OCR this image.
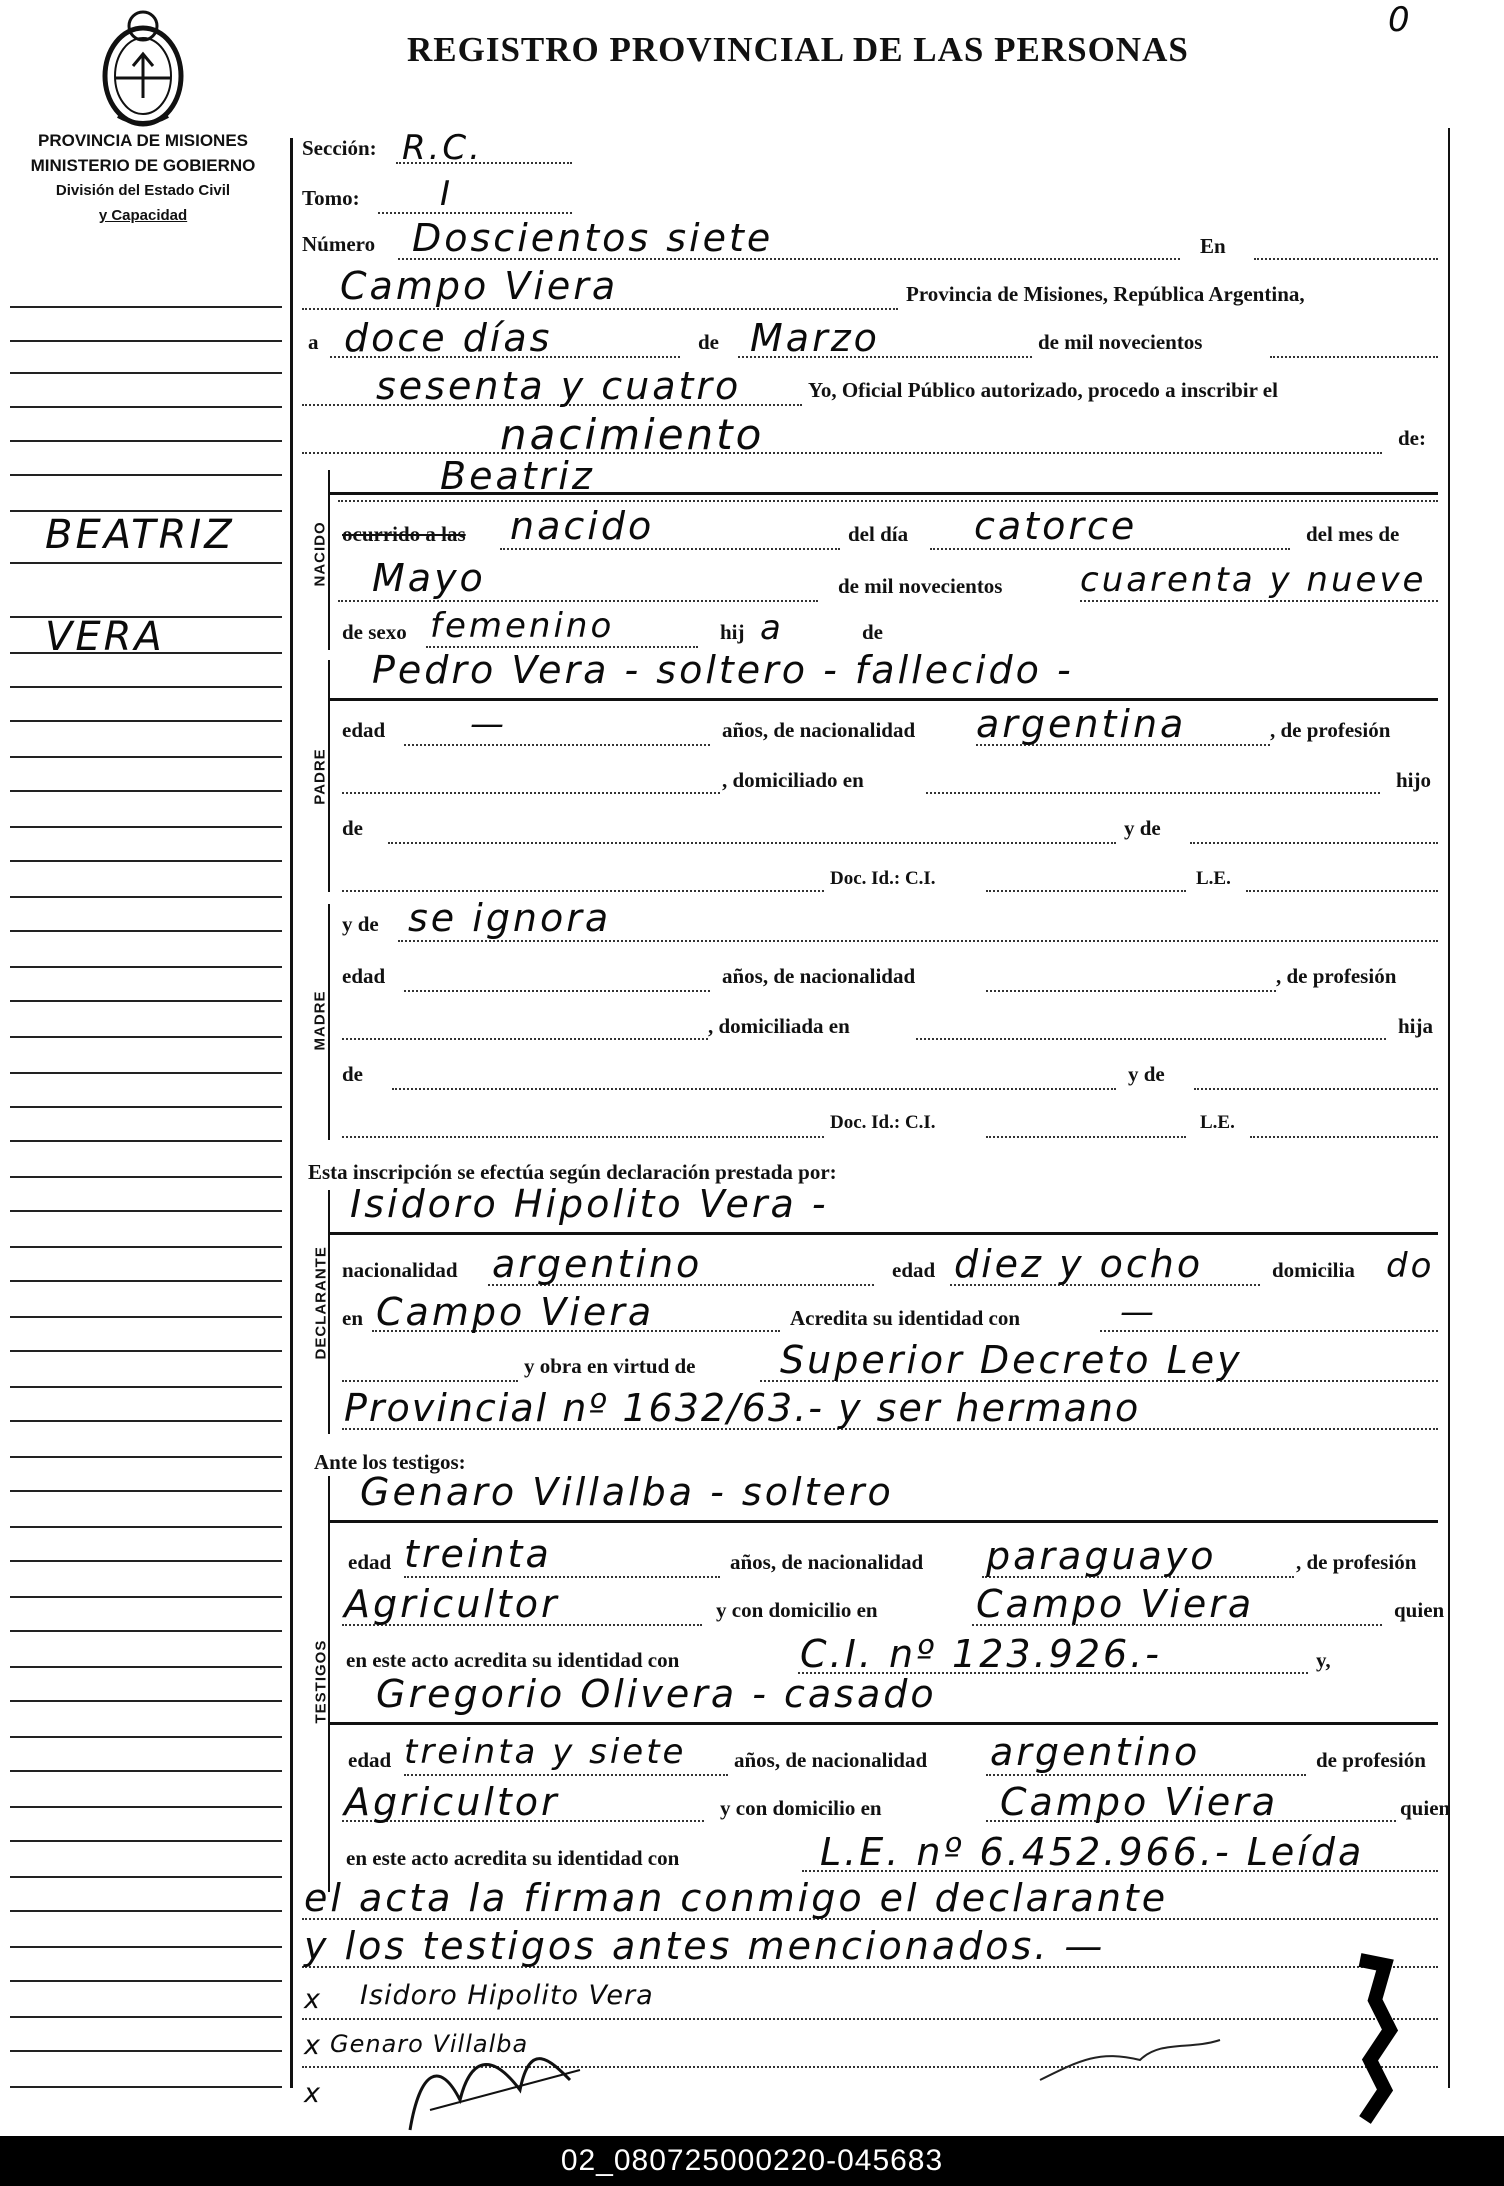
0
REGISTRO PROVINCIAL DE LAS PERSONAS
PROVINCIA DE MISIONES
MINISTERIO DE GOBIERNO
División del Estado Civil
y Capacidad
BEATRIZ
VERA
Sección: R.C.
Tomo: I
Número Doscientos siete	En
Campo Viera	Provincia de Misiones, República Argentina,
a doce días	de Marzo	de mil novecientos
sesenta y cuatro	Yo, Oficial Público autorizado, procedo a inscribir el
nacimiento	de:
NACIDO
Beatriz
ocurrido a las nacido	del día catorce	del mes de
Mayo	de mil novecientos cuarenta y nueve
de sexo femenino	hij a	de
PADRE
Pedro Vera - soltero - fallecido -
edad —	años, de nacionalidad argentina	, de profesión
, domiciliado en	hijo
de	y de
Doc. Id.: C.I.	L.E.
MADRE
y de se ignora
edad	años, de nacionalidad	, de profesión
, domiciliada en	hija
de	y de
Doc. Id.: C.I.	L.E.
Esta inscripción se efectúa según declaración prestada por:
DECLARANTE
Isidoro Hipolito Vera -
nacionalidad argentino	edad diez y ocho	domicilia do
en Campo Viera	Acredita su identidad con	—
y obra en virtud de Superior Decreto Ley
Provincial nº 1632/63.- y ser hermano
Ante los testigos:
TESTIGOS
Genaro Villalba - soltero
edad treinta	años, de nacionalidad paraguayo	, de profesión
Agricultor	y con domicilio en	Campo Viera	quien
en este acto acredita su identidad con	C.I. nº 123.926.-	y,
Gregorio Olivera - casado
edad treinta y siete años, de nacionalidad argentino	de profesión
Agricultor	y con domicilio en	Campo Viera	quien
en este acto acredita su identidad con	L.E. nº 6.452.966.- Leída
el acta la firman conmigo el declarante
y los testigos antes mencionados. —
x Isidoro Hipolito Vera
x Genaro Villalba
x
02_080725000220-045683
